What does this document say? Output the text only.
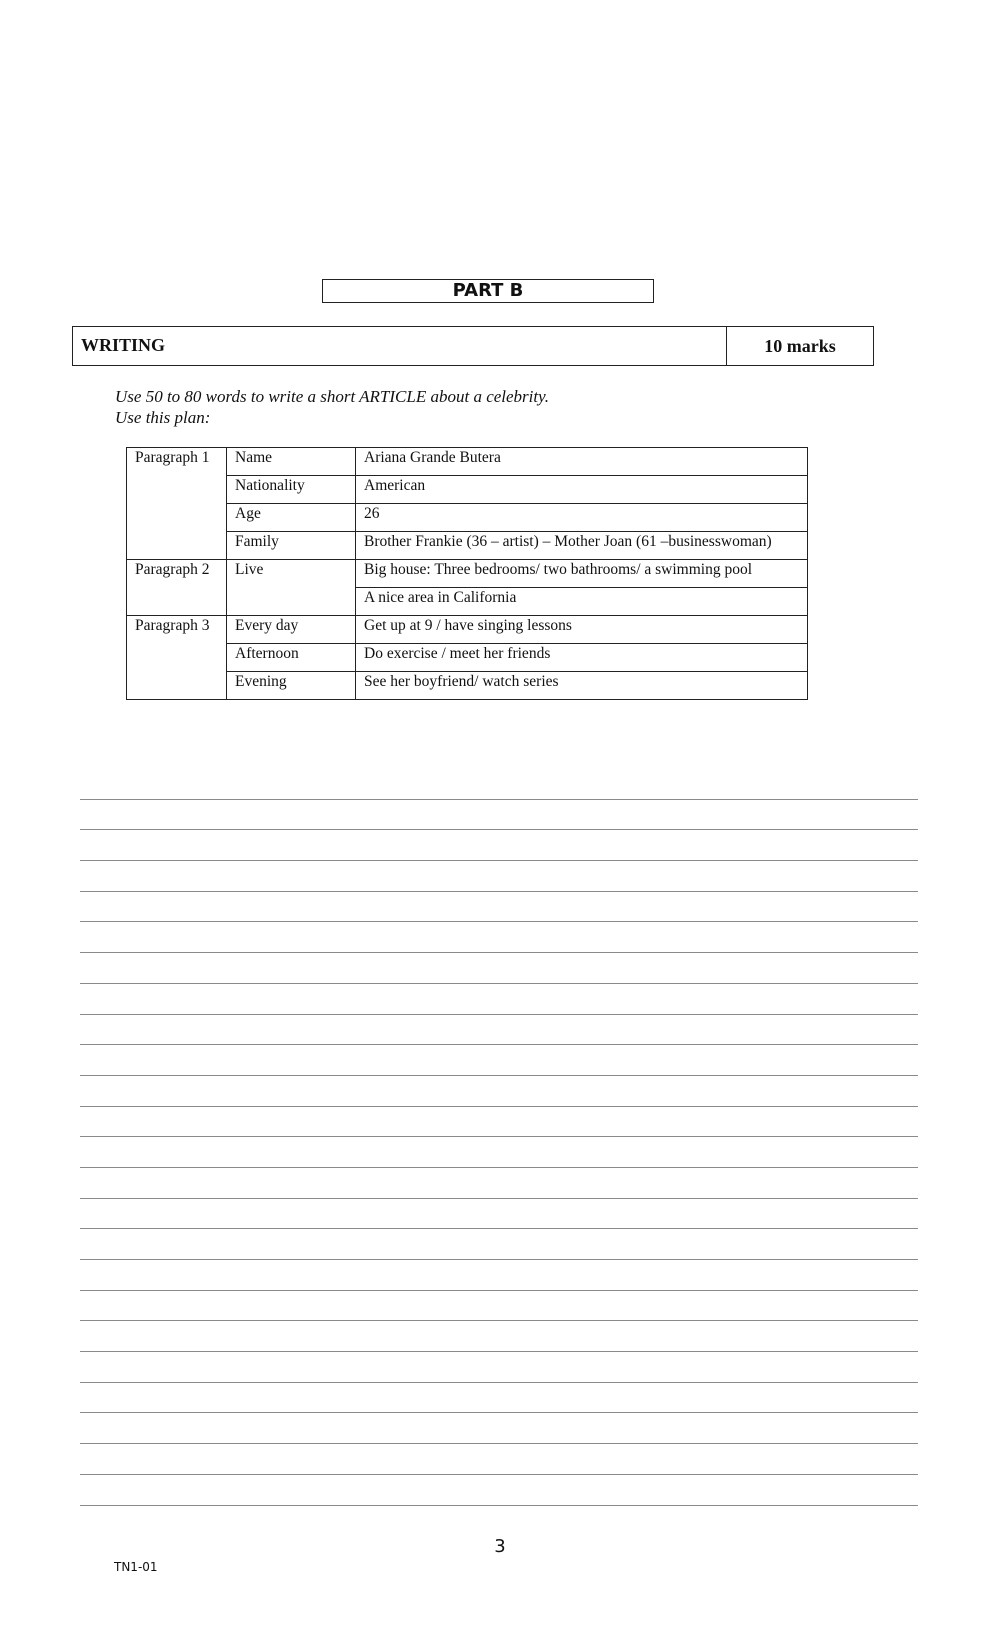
PART B
WRITING	10 marks
Use 50 to 80 words to write a short ARTICLE about a celebrity.
Use this plan:
Paragraph 1	Name	Ariana Grande Butera
	Nationality	American
	Age	26
	Family	Brother Frankie (36 – artist) – Mother Joan (61 –businesswoman)
Paragraph 2	Live	Big house: Three bedrooms/ two bathrooms/ a swimming pool
		A nice area in California
Paragraph 3	Every day	Get up at 9 / have singing lessons
	Afternoon	Do exercise / meet her friends
	Evening	See her boyfriend/ watch series
3
TN1-01
